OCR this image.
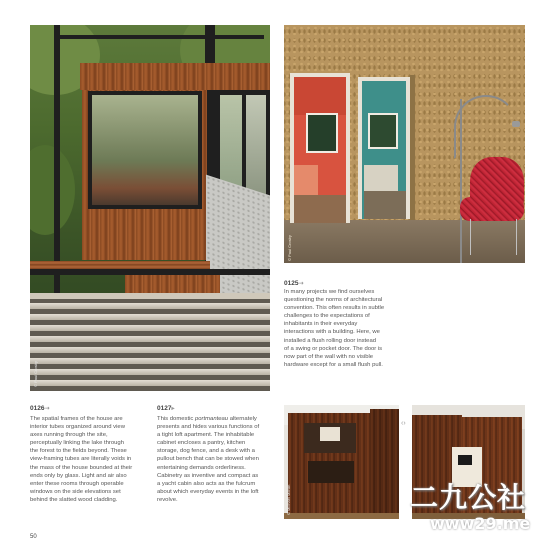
© Paul Crosby
© Paul Crosby
0125⇢

In many projects we find ourselves
questioning the norms of architectural
convention. This often results in subtle
challenges to the expectations of
inhabitants in their everyday
interactions with a building. Here, we
installed a flush rolling door instead
of a swing or pocket door. The door is
now part of the wall with no visible
hardware except for a small flush pull.

0126⇢

The spatial frames of the house are
interior tubes organized around view
axes running through the site,
perceptually linking the lake through
the forest to the fields beyond. These
view-framing tubes are literally voids in
the mass of the house bounded at their
ends only by glass. Light and air also
enter these rooms through operable
windows on the side elevations set
behind the slatted wood cladding.

0127▸

This domestic portmanteau alternately
presents and hides various functions of
a tight loft apartment. The inhabitable
cabinet encloses a pantry, kitchen
storage, dog fence, and a desk with a
pullout bench that can be stowed when
entertaining demands orderliness.
Cabinetry as inventive and compact as
a yacht cabin also acts as the fulcrum
about which everyday events in the loft
revolve.	© Michael Moran
‹›
二九公社
www29.me
50
